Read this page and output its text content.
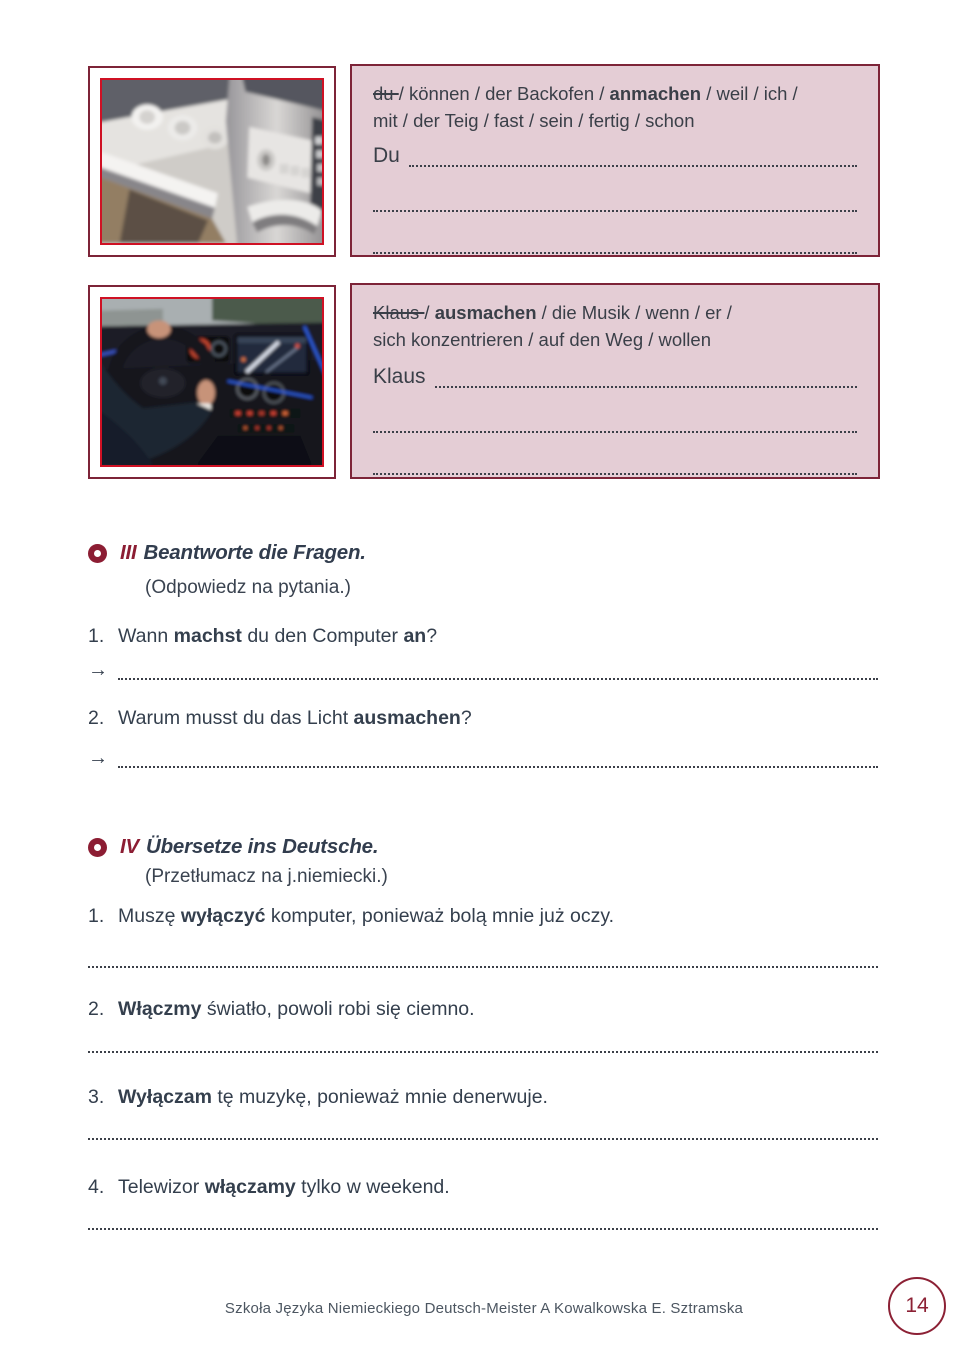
du / können / der Backofen / anmachen / weil / ich /
mit / der Teig / fast / sein / fertig / schon
Du
Klaus / ausmachen / die Musik / wenn / er /
sich konzentrieren / auf den Weg / wollen
Klaus
III Beantworte die Fragen.
(Odpowiedz na pytania.)
1. Wann machst du den Computer an?
→
2. Warum musst du das Licht ausmachen?
→
IV Übersetze ins Deutsche.
(Przetłumacz na j.niemiecki.)
1. Muszę wyłączyć komputer, ponieważ bolą mnie już oczy.
2. Włączmy światło, powoli robi się ciemno.
3. Wyłączam tę muzykę, ponieważ mnie denerwuje.
4. Telewizor włączamy tylko w weekend.
Szkoła Języka Niemieckiego Deutsch-Meister A Kowalkowska E. Sztramska	14
